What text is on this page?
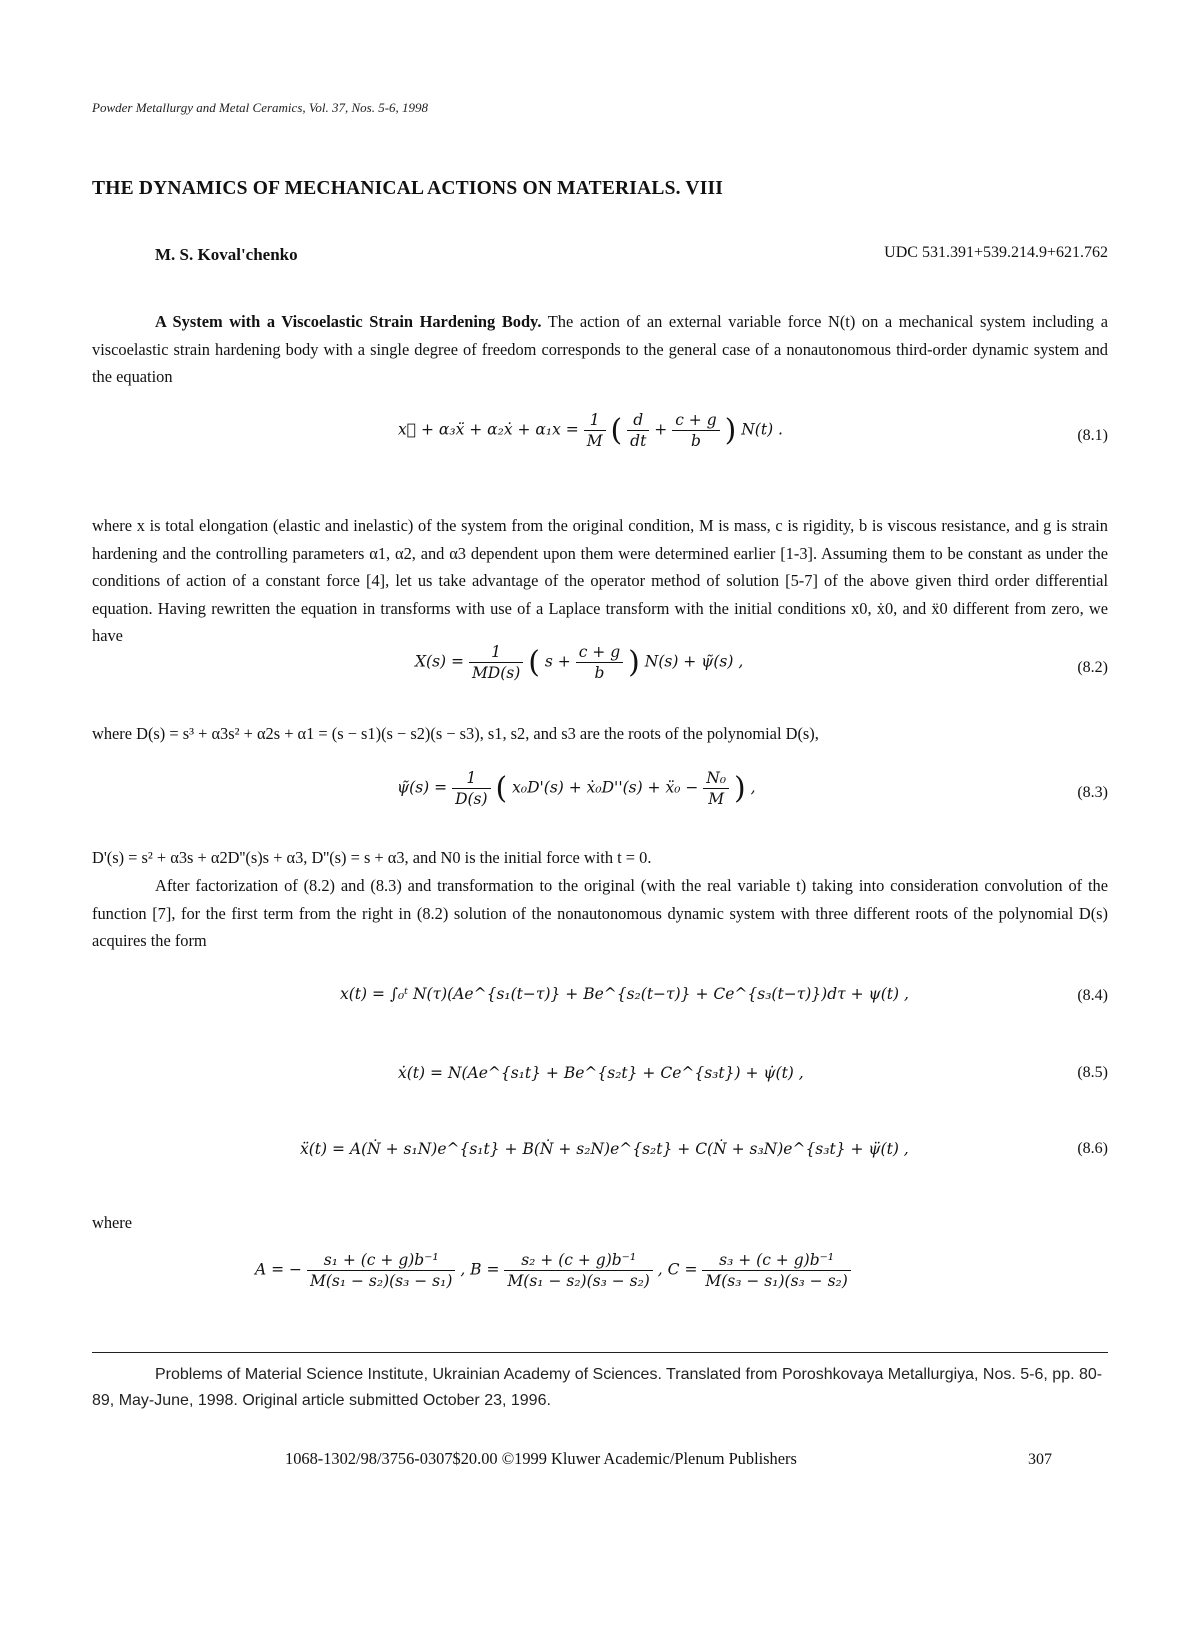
Powder Metallurgy and Metal Ceramics, Vol. 37, Nos. 5-6, 1998
THE DYNAMICS OF MECHANICAL ACTIONS ON MATERIALS. VIII
M. S. Koval'chenko	UDC 531.391+539.214.9+621.762
A System with a Viscoelastic Strain Hardening Body. The action of an external variable force N(t) on a mechanical system including a viscoelastic strain hardening body with a single degree of freedom corresponds to the general case of a nonautonomous third-order dynamic system and the equation
x⃛ + α₃ẍ + α₂ẋ + $\alpha_1x = \frac{1}{M}$ ( $\frac{d}{dt} + \frac{c + g}{b}$ ) N(t) .	(8.1)
where x is total elongation (elastic and inelastic) of the system from the original condition, M is mass, c is rigidity, b is viscous resistance, and g is strain hardening and the controlling parameters α1, α2, and α3 dependent upon them were determined earlier [1-3]. Assuming them to be constant as under the conditions of action of a constant force [4], let us take advantage of the operator method of solution [5-7] of the above given third order differential equation. Having rewritten the equation in transforms with use of a Laplace transform with the initial conditions x0, ẋ0, and ẍ0 different from zero, we have
$X(s) = \frac{1}{MD(s)}$ ( $s + \frac{c + g}{b}$ ) N(s) + ψ̃(s) ,	(8.2)
where D(s) = s³ + α3s² + α2s + α1 = (s − s1)(s − s2)(s − s3), s1, s2, and s3 are the roots of the polynomial D(s),
ψ̃(s) = $\frac{1}{D(s)}$ ( x₀D'(s) + ẋ₀D''(s) + ẍ₀ − $\frac{\text{N₀}}{M}$ ) ,	(8.3)
D'(s) = s² + α3s + α2D''(s)s + α3, D''(s) = s + α3, and N0 is the initial force with t = 0.
After factorization of (8.2) and (8.3) and transformation to the original (with the real variable t) taking into consideration convolution of the function [7], for the first term from the right in (8.2) solution of the nonautonomous dynamic system with three different roots of the polynomial D(s) acquires the form
x(t) = ∫₀ᵗ N(τ)(Ae^{s₁(t−τ)} + Be^{s₂(t−τ)} + Ce^{s₃(t−τ)})dτ + ψ(t) ,	(8.4)
ẋ(t) = N(Ae^{s₁t} + Be^{s₂t} + Ce^{s₃t}) + ψ̇(t) ,	(8.5)
ẍ(t) = A(Ṅ + s₁N)e^{s₁t} + B(Ṅ + s₂N)e^{s₂t} + C(Ṅ + s₃N)e^{s₃t} + ψ̈(t) ,	(8.6)
where
A = − $\frac{\text{s₁ + (c + g)b⁻¹}}{\text{M(s₁ − s₂)(s₃ − s₁)}}$ , $B = \frac{\text{s₂ + (c + g)b⁻¹}}{\text{M(s₁ − s₂)(s₃ − s₂)}}$ , $C = \frac{\text{s₃ + (c + g)b⁻¹}}{\text{M(s₃ − s₁)(s₃ − s₂)}}$
Problems of Material Science Institute, Ukrainian Academy of Sciences. Translated from Poroshkovaya Metallurgiya, Nos. 5-6, pp. 80-89, May-June, 1998. Original article submitted October 23, 1996.
1068-1302/98/3756-0307$20.00 ©1999 Kluwer Academic/Plenum Publishers	307
